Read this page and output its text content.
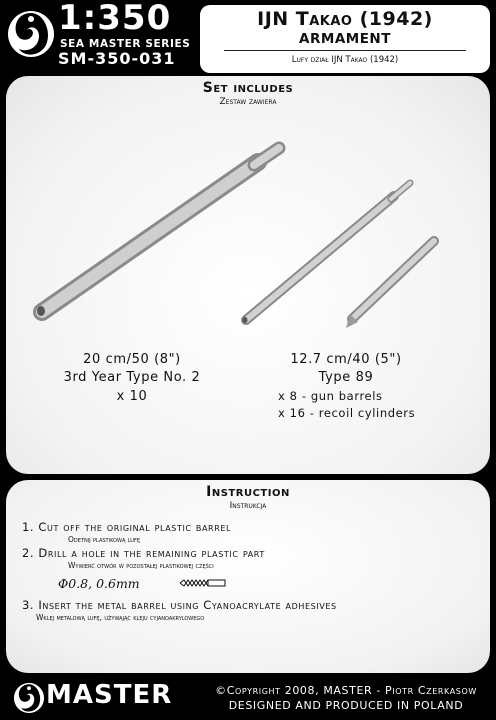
1:350
SEA MASTER SERIES
SM-350-031
IJN Takao (1942)
ARMAMENT
Lufy dział IJN Takao (1942)
Set includes
Zestaw zawiera
20 cm/50 (8")
3rd Year Type No. 2
x 10
12.7 cm/40 (5")
Type 89
x 8 - gun barrels
x 16 - recoil cylinders
Instruction
Instrukcja
1. Cut off the original plastic barrel
Odetnij plastikową lufę
2. Drill a hole in the remaining plastic part
Wywierć otwór w pozostałej plastikowej części
Φ0.8, 0.6mm
3. Insert the metal barrel using Cyanoacrylate adhesives
Wklej metalową lufę, używając kleju cyjanoakrylowego
MASTER	©Copyright 2008, MASTER - Piotr Czerkasow
DESIGNED AND PRODUCED IN POLAND
